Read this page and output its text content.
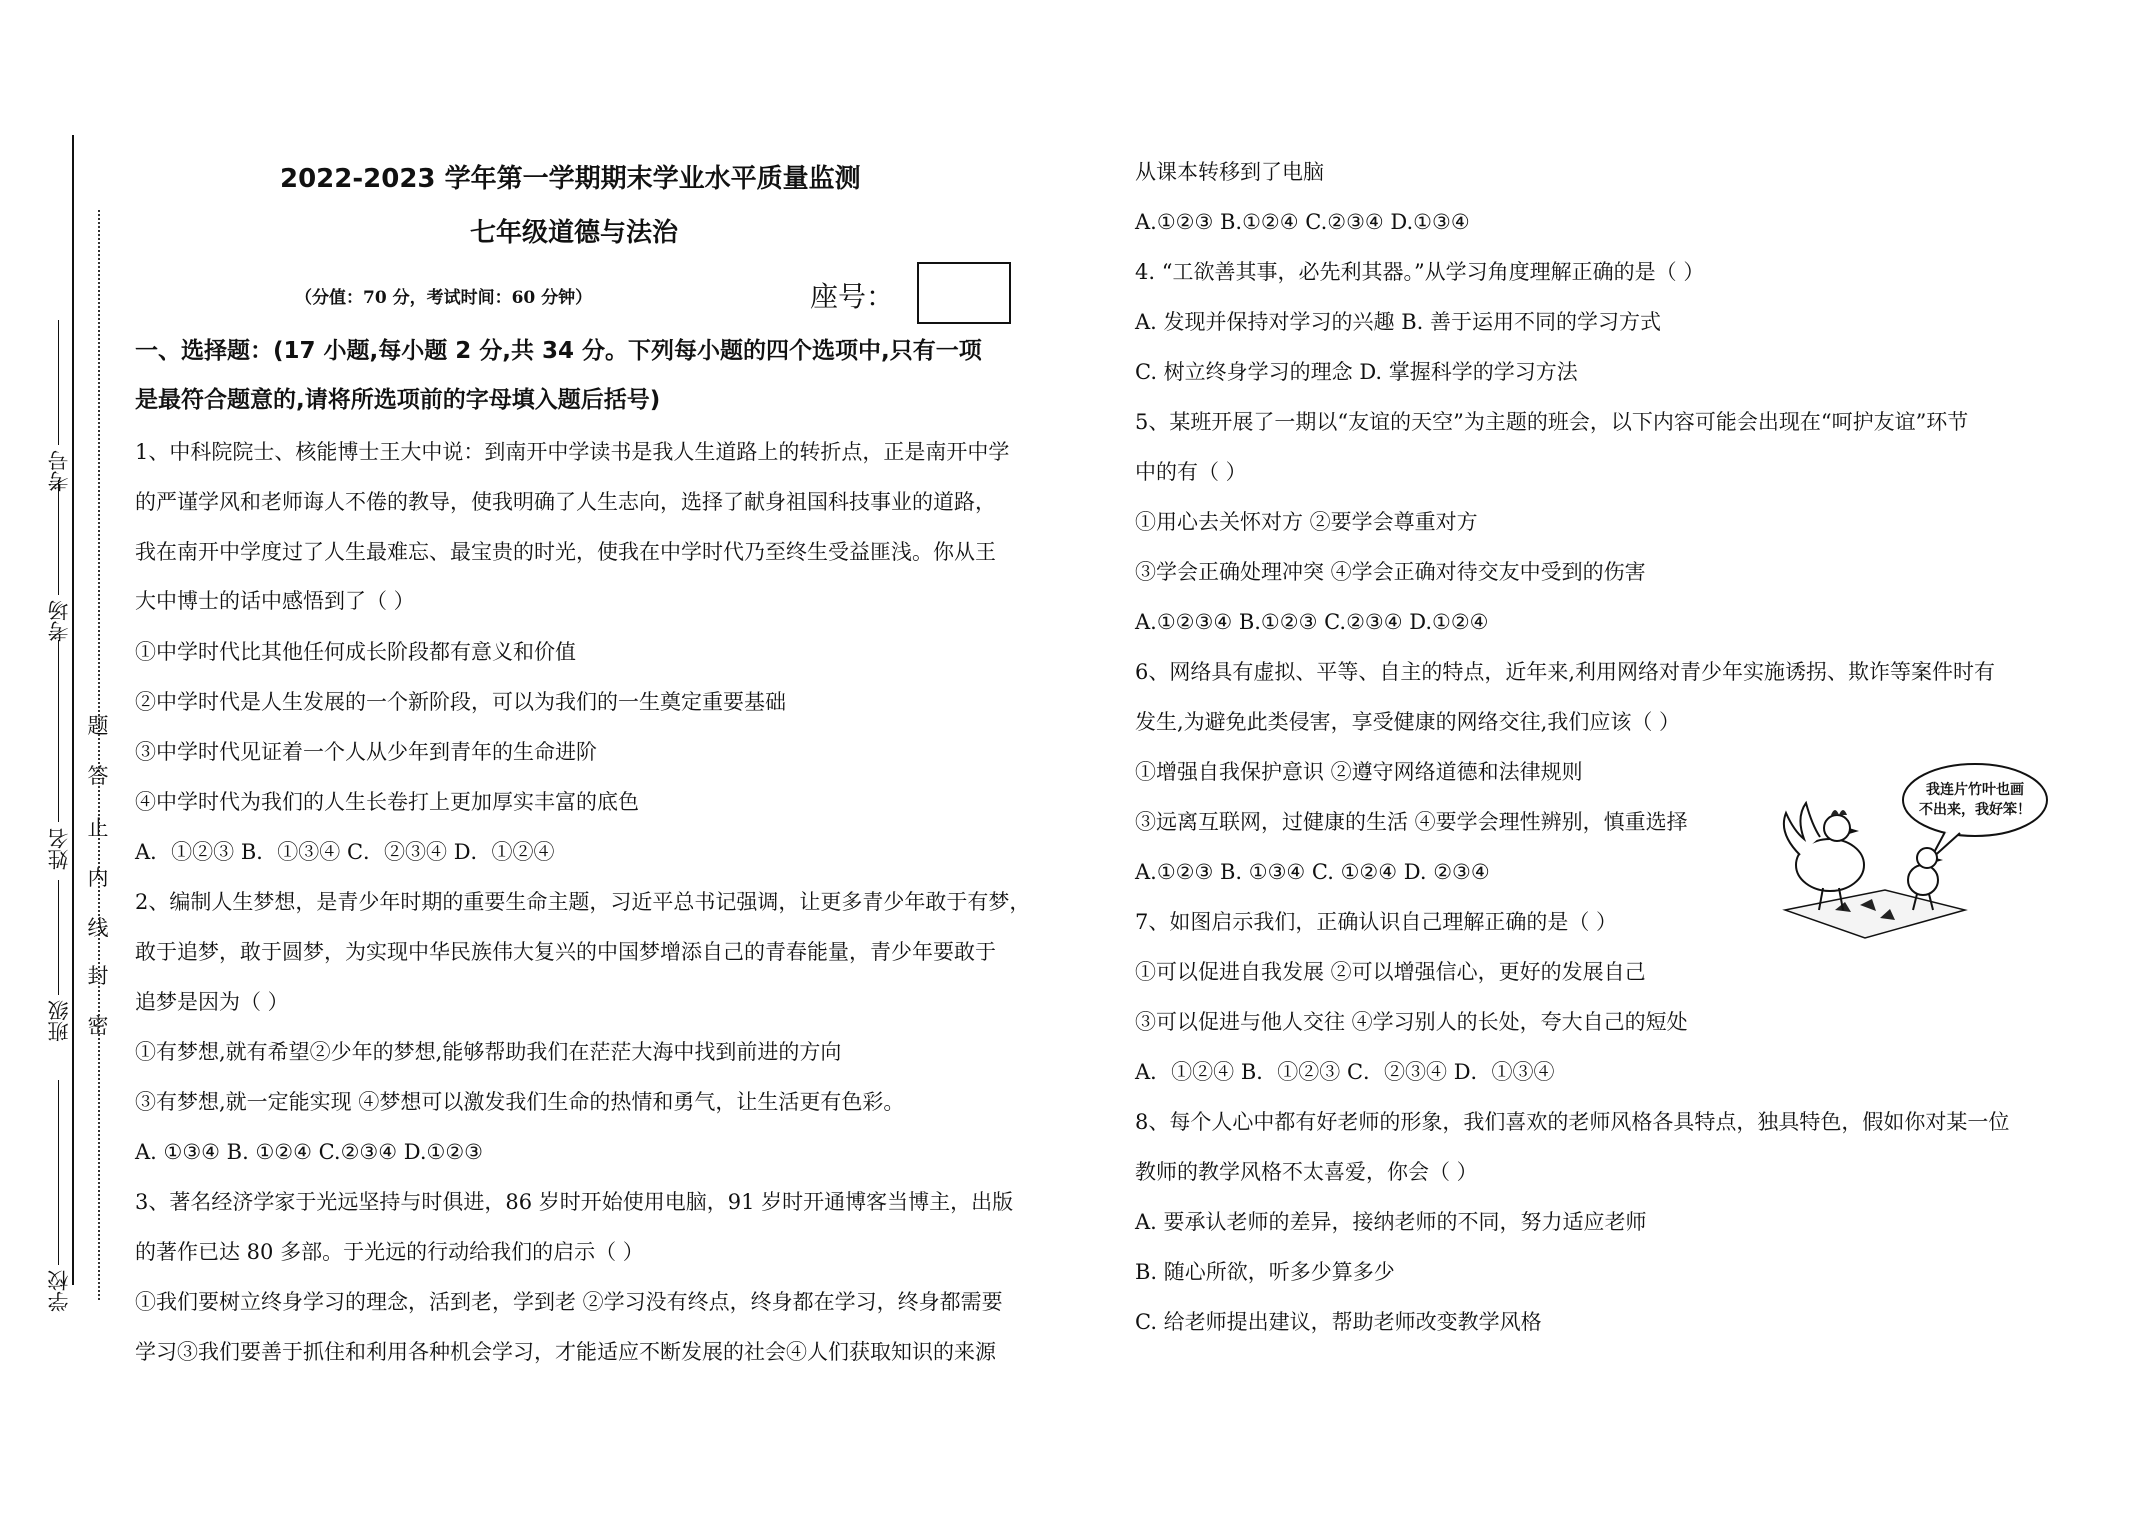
考号
考场
姓名
班级
学校
题
答
止
内
线
封
密
2022-2023 学年第一学期期末学业水平质量监测
七年级道德与法治
（分值：70 分，考试时间：60 分钟）	座号：
一、选择题：(17 小题,每小题 2 分,共 34 分。下列每小题的四个选项中,只有一项
是最符合题意的,请将所选项前的字母填入题后括号)
1、中科院院士、核能博士王大中说：到南开中学读书是我人生道路上的转折点，正是南开中学
的严谨学风和老师诲人不倦的教导，使我明确了人生志向，选择了献身祖国科技事业的道路，
我在南开中学度过了人生最难忘、最宝贵的时光，使我在中学时代乃至终生受益匪浅。你从王
大中博士的话中感悟到了（ ）
①中学时代比其他任何成长阶段都有意义和价值
②中学时代是人生发展的一个新阶段，可以为我们的一生奠定重要基础
③中学时代见证着一个人从少年到青年的生命进阶
④中学时代为我们的人生长卷打上更加厚实丰富的底色
A．①②③ B．①③④ C．②③④ D．①②④
2、编制人生梦想，是青少年时期的重要生命主题，习近平总书记强调，让更多青少年敢于有梦，
敢于追梦，敢于圆梦，为实现中华民族伟大复兴的中国梦增添自己的青春能量，青少年要敢于
追梦是因为（ ）
①有梦想,就有希望②少年的梦想,能够帮助我们在茫茫大海中找到前进的方向
③有梦想,就一定能实现 ④梦想可以激发我们生命的热情和勇气，让生活更有色彩。
A. ①③④ B. ①②④ C.②③④ D.①②③
3、著名经济学家于光远坚持与时俱进，86 岁时开始使用电脑，91 岁时开通博客当博主，出版
的著作已达 80 多部。于光远的行动给我们的启示（ ）
①我们要树立终身学习的理念，活到老，学到老 ②学习没有终点，终身都在学习，终身都需要
学习③我们要善于抓住和利用各种机会学习，才能适应不断发展的社会④人们获取知识的来源
从课本转移到了电脑
A.①②③ B.①②④ C.②③④ D.①③④
4. “工欲善其事，必先利其器。”从学习角度理解正确的是（ ）
A. 发现并保持对学习的兴趣 B. 善于运用不同的学习方式
C. 树立终身学习的理念 D. 掌握科学的学习方法
5、某班开展了一期以“友谊的天空”为主题的班会，以下内容可能会出现在“呵护友谊”环节
中的有（ ）
①用心去关怀对方 ②要学会尊重对方
③学会正确处理冲突 ④学会正确对待交友中受到的伤害
A.①②③④ B.①②③ C.②③④ D.①②④
6、网络具有虚拟、平等、自主的特点，近年来,利用网络对青少年实施诱拐、欺诈等案件时有
发生,为避免此类侵害，享受健康的网络交往,我们应该（ ）
①增强自我保护意识 ②遵守网络道德和法律规则
③远离互联网，过健康的生活 ④要学会理性辨别，慎重选择
A.①②③ B. ①③④ C. ①②④ D. ②③④
7、如图启示我们，正确认识自己理解正确的是（ ）
①可以促进自我发展 ②可以增强信心，更好的发展自己
③可以促进与他人交往 ④学习别人的长处，夸大自己的短处
A．①②④ B．①②③ C．②③④ D．①③④
8、每个人心中都有好老师的形象，我们喜欢的老师风格各具特点，独具特色，假如你对某一位
教师的教学风格不太喜爱，你会（ ）
A. 要承认老师的差异，接纳老师的不同，努力适应老师
B. 随心所欲，听多少算多少
C. 给老师提出建议，帮助老师改变教学风格
我连片竹叶也画
不出来，我好笨！
